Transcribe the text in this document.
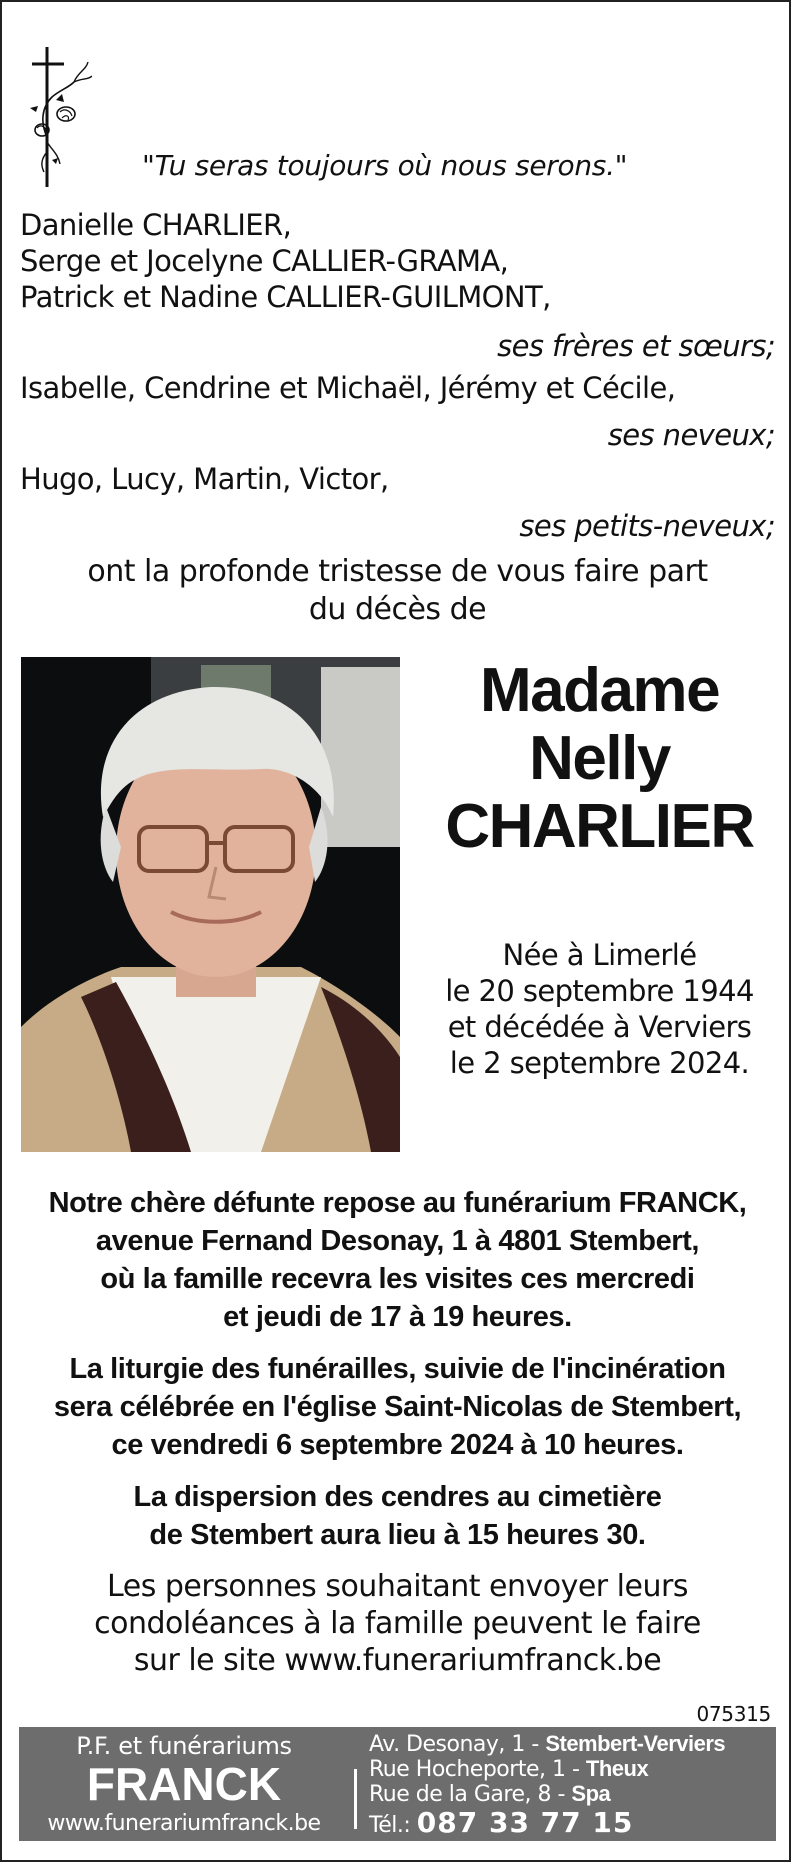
"Tu seras toujours où nous serons."
Danielle CHARLIER,
Serge et Jocelyne CALLIER-GRAMA,
Patrick et Nadine CALLIER-GUILMONT,
ses frères et sœurs;
Isabelle, Cendrine et Michaël, Jérémy et Cécile,
ses neveux;
Hugo, Lucy, Martin, Victor,
ses petits-neveux;
ont la profonde tristesse de vous faire part
du décès de
Madame
Nelly
CHARLIER
Née à Limerlé
le 20 septembre 1944
et décédée à Verviers
le 2 septembre 2024.
Notre chère défunte repose au funérarium FRANCK,
avenue Fernand Desonay, 1 à 4801 Stembert,
où la famille recevra les visites ces mercredi
et jeudi de 17 à 19 heures.
La liturgie des funérailles, suivie de l'incinération
sera célébrée en l'église Saint-Nicolas de Stembert,
ce vendredi 6 septembre 2024 à 10 heures.
La dispersion des cendres au cimetière
de Stembert aura lieu à 15 heures 30.
Les personnes souhaitant envoyer leurs
condoléances à la famille peuvent le faire
sur le site www.funerariumfranck.be
075315
P.F. et funérariums
FRANCK
www.funerariumfranck.be
Av. Desonay, 1 - Stembert-Verviers
Rue Hocheporte, 1 - Theux
Rue de la Gare, 8 - Spa
Tél.: 087 33 77 15
